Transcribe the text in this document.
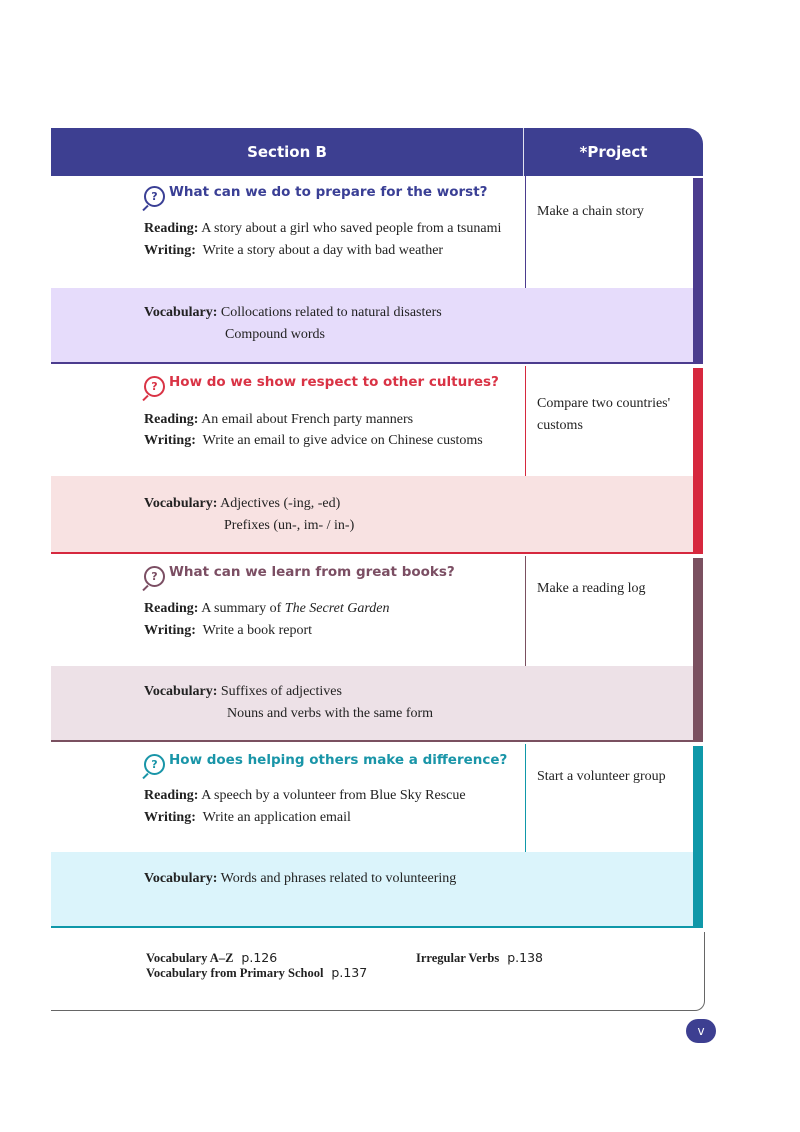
Section B	*Project
? What can we do to prepare for the worst?
Reading: A story about a girl who saved people from a tsunami
Writing: Write a story about a day with bad weather
Vocabulary: Collocations related to natural disasters
Compound words
Make a chain story
? How do we show respect to other cultures?
Reading: An email about French party manners
Writing: Write an email to give advice on Chinese customs
Vocabulary: Adjectives (-ing, -ed)
Prefixes (un-, im- / in-)
Compare two countries' customs
? What can we learn from great books?
Reading: A summary of The Secret Garden
Writing: Write a book report
Vocabulary: Suffixes of adjectives
Nouns and verbs with the same form
Make a reading log
? How does helping others make a difference?
Reading: A speech by a volunteer from Blue Sky Rescue
Writing: Write an application email
Vocabulary: Words and phrases related to volunteering
Start a volunteer group
Vocabulary A–Z p.126
Vocabulary from Primary School p.137
Irregular Verbs p.138
v
